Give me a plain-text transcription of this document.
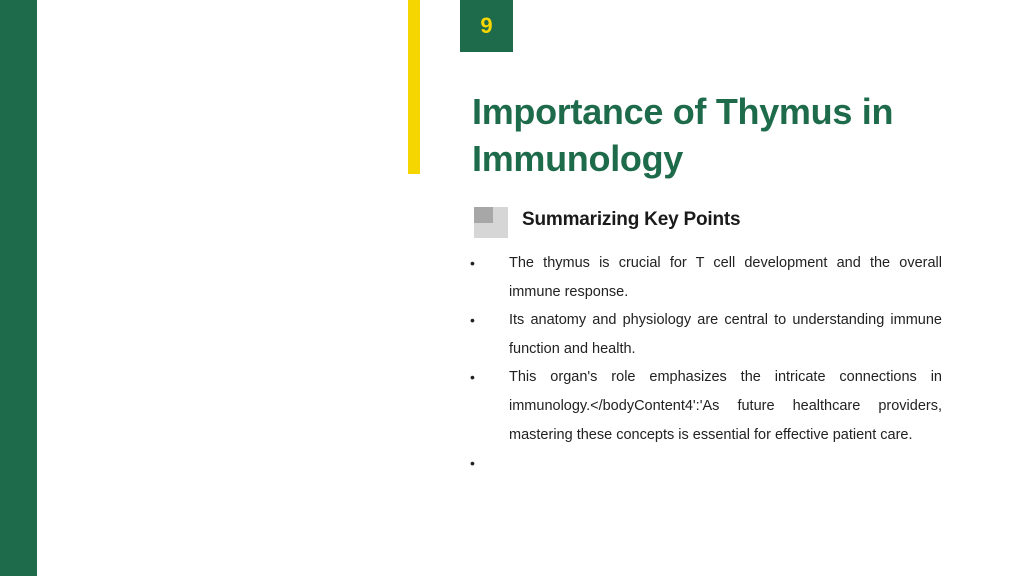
9
Importance of Thymus in Immunology
Summarizing Key Points
•	The thymus is crucial for T cell development and the overall immune response.
•	Its anatomy and physiology are central to understanding immune function and health.
•	This organ's role emphasizes the intricate connections in immunology.</bodyContent4':'As future healthcare providers, mastering these concepts is essential for effective patient care.
•
